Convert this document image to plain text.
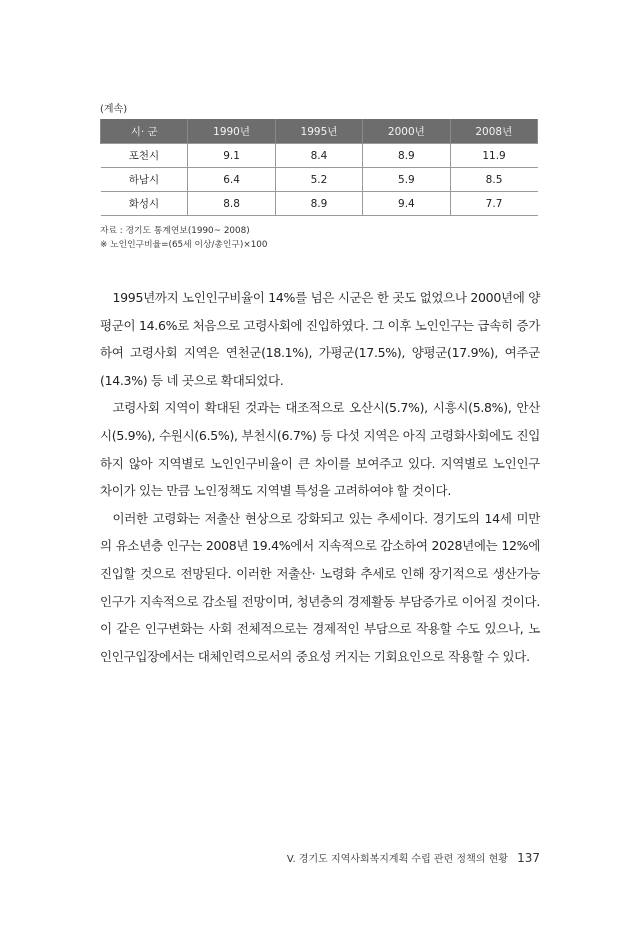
(계속)
시· 군	1990년	1995년	2000년	2008년
포천시	9.1	8.4	8.9	11.9
하남시	6.4	5.2	5.9	8.5
화성시	8.8	8.9	9.4	7.7
자료 : 경기도 통계연보(1990~ 2008)
※ 노인인구비율=(65세 이상/총인구)×100

1995년까지 노인인구비율이 14%를 넘은 시군은 한 곳도 없었으나 2000년에 양평군이 14.6%로 처음으로 고령사회에 진입하였다. 그 이후 노인인구는 급속히 증가하여 고령사회 지역은 연천군(18.1%), 가평군(17.5%), 양평군(17.9%), 여주군(14.3%) 등 네 곳으로 확대되었다.

고령사회 지역이 확대된 것과는 대조적으로 오산시(5.7%), 시흥시(5.8%), 안산시(5.9%), 수원시(6.5%), 부천시(6.7%) 등 다섯 지역은 아직 고령화사회에도 진입하지 않아 지역별로 노인인구비율이 큰 차이를 보여주고 있다. 지역별로 노인인구 차이가 있는 만큼 노인정책도 지역별 특성을 고려하여야 할 것이다.

이러한 고령화는 저출산 현상으로 강화되고 있는 추세이다. 경기도의 14세 미만의 유소년층 인구는 2008년 19.4%에서 지속적으로 감소하여 2028년에는 12%에 진입할 것으로 전망된다. 이러한 저출산· 노령화 추세로 인해 장기적으로 생산가능인구가 지속적으로 감소될 전망이며, 청년층의 경제활동 부담증가로 이어질 것이다. 이 같은 인구변화는 사회 전체적으로는 경제적인 부담으로 작용할 수도 있으나, 노인인구입장에서는 대체인력으로서의 중요성 커지는 기회요인으로 작용할 수 있다.

V. 경기도 지역사회복지계획 수립 관련 정책의 현황 137
